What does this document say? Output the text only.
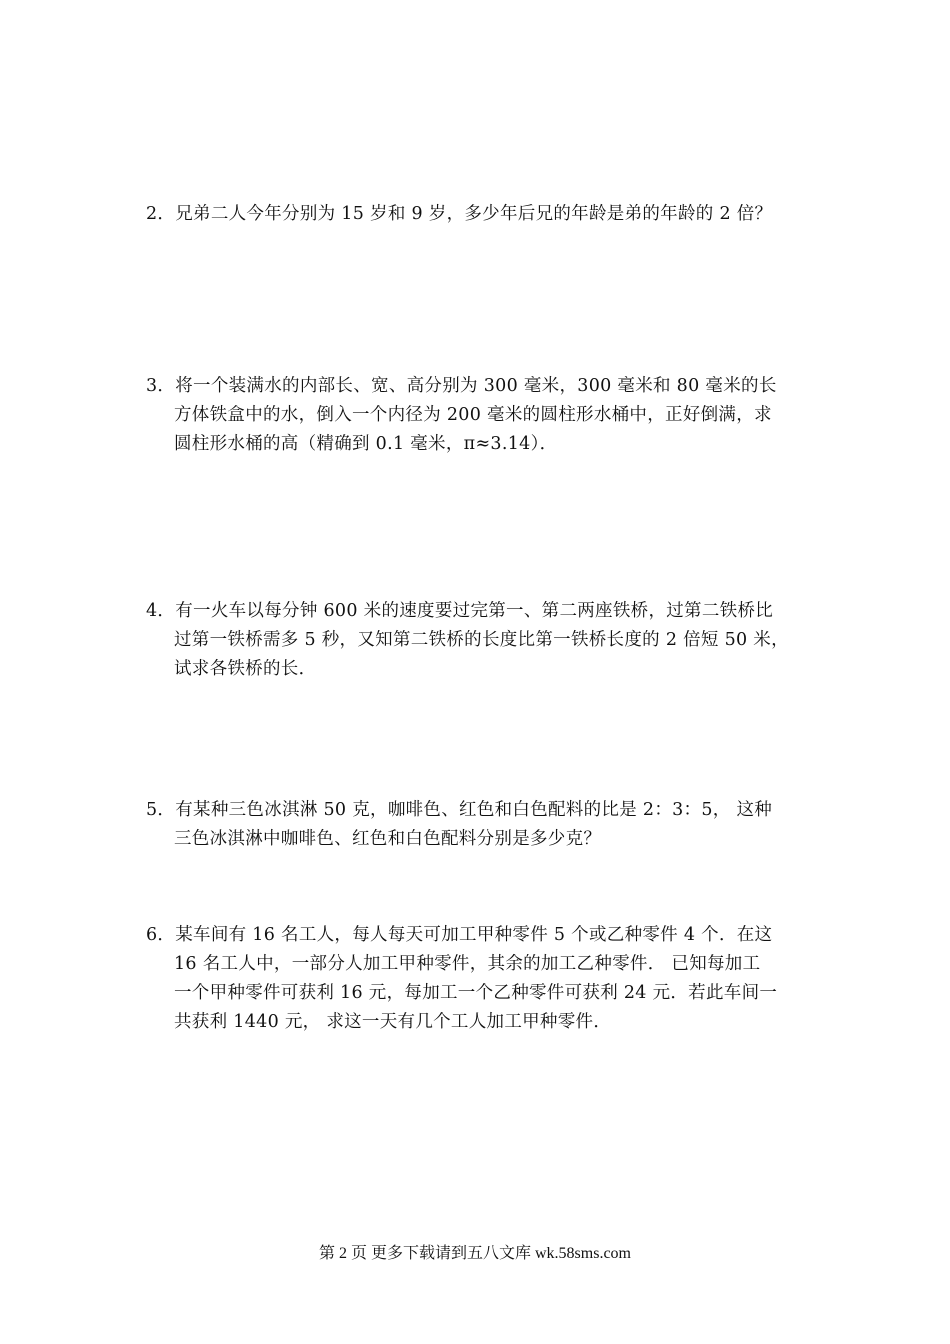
2．兄弟二人今年分别为 15 岁和 9 岁，多少年后兄的年龄是弟的年龄的 2 倍？
3．将一个装满水的内部长、宽、高分别为 300 毫米，300 毫米和 80 毫米的长
方体铁盒中的水，倒入一个内径为 200 毫米的圆柱形水桶中，正好倒满，求
圆柱形水桶的高（精确到 0.1 毫米，π≈3.14）．
4．有一火车以每分钟 600 米的速度要过完第一、第二两座铁桥，过第二铁桥比
过第一铁桥需多 5 秒，又知第二铁桥的长度比第一铁桥长度的 2 倍短 50 米，
试求各铁桥的长．
5．有某种三色冰淇淋 50 克，咖啡色、红色和白色配料的比是 2：3：5， 这种
三色冰淇淋中咖啡色、红色和白色配料分别是多少克？
6．某车间有 16 名工人，每人每天可加工甲种零件 5 个或乙种零件 4 个．在这
16 名工人中，一部分人加工甲种零件，其余的加工乙种零件． 已知每加工
一个甲种零件可获利 16 元，每加工一个乙种零件可获利 24 元．若此车间一
共获利 1440 元， 求这一天有几个工人加工甲种零件．
第 2 页 更多下载请到五八文库 wk.58sms.com
